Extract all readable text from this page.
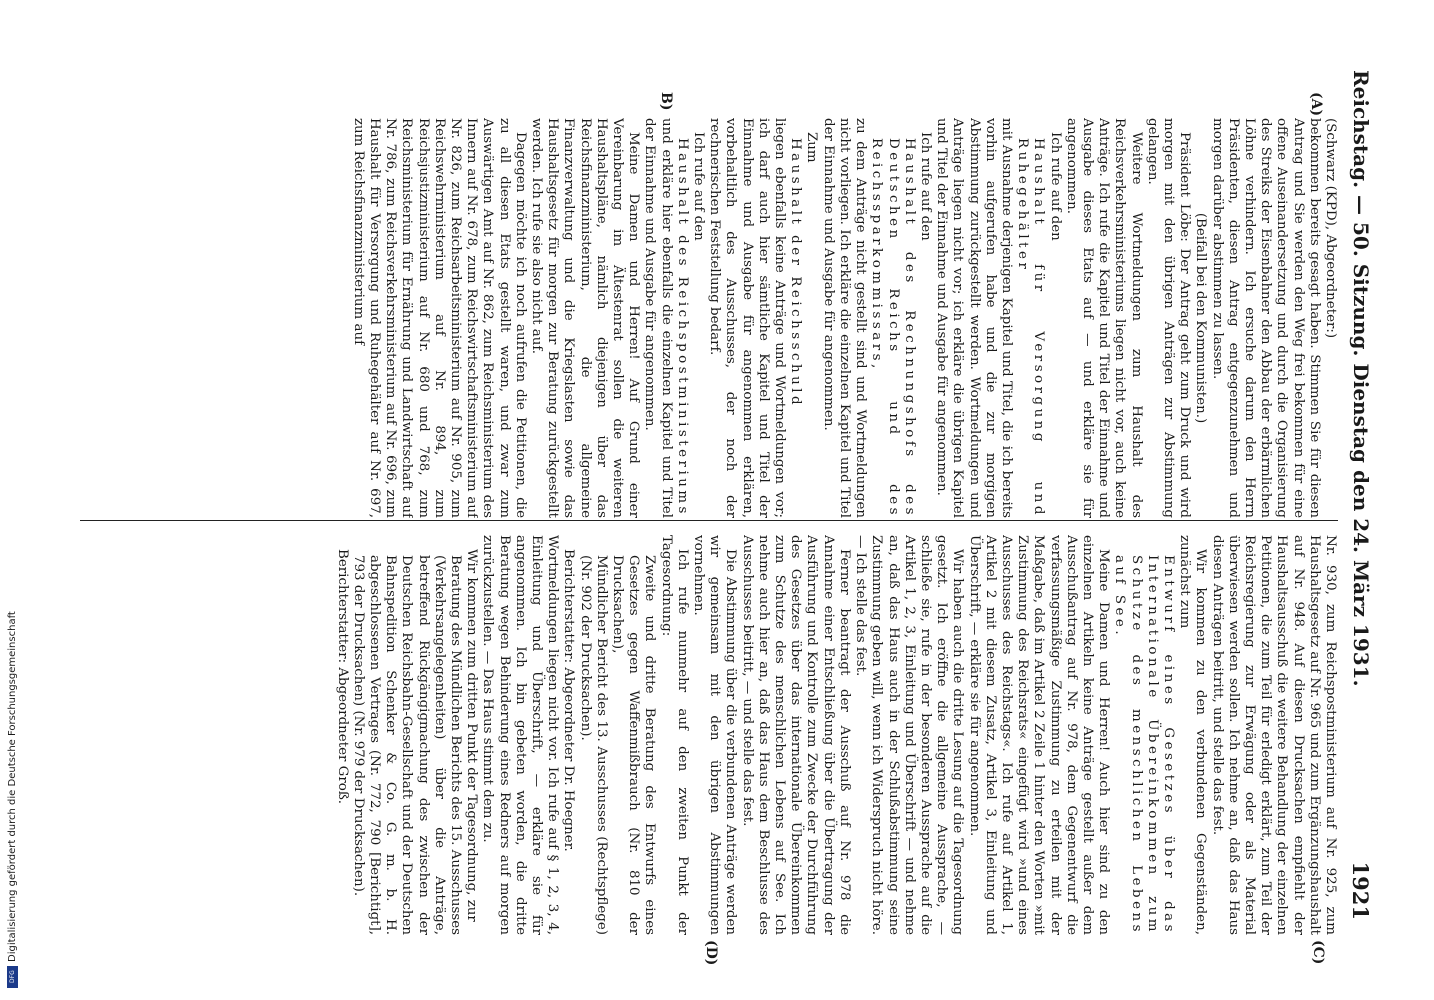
Reichstag. — 50. Sitzung. Dienstag den 24. März 1931.
1921
(A)
B)
(C)
(D)

(Schwarz (KPD), Abgeordneter:)

bekommen bereits gesagt haben. Stimmen Sie für diesen Antrag und Sie werden den Weg frei bekommen für eine offene Auseinandersetzung und durch die Organisierung des Streiks der Eisenbahner den Abbau der erbärmlichen Löhne verhindern. Ich ersuche darum den Herrn Präsidenten, diesen Antrag entgegenzunehmen und morgen darüber abstimmen zu lassen.

(Beifall bei den Kommunisten.)

Präsident Löbe: Der Antrag geht zum Druck und wird morgen mit den übrigen Anträgen zur Abstimmung gelangen.

Weitere Wortmeldungen zum Haushalt des Reichsverkehrsministeriums liegen nicht vor, auch keine Anträge. Ich rufe die Kapitel und Titel der Einnahme und Ausgabe dieses Etats auf — und erkläre sie für angenommen.

Ich rufe auf den

Haushalt für Versorgung und Ruhegehälter

mit Ausnahme derjenigen Kapitel und Titel, die ich bereits vorhin aufgerufen habe und die zur morgigen Abstimmung zurückgestellt werden. Wortmeldungen und Anträge liegen nicht vor; ich erkläre die übrigen Kapitel und Titel der Einnahme und Ausgabe für angenommen.

Ich rufe auf den

Haushalt des Rechnungshofs des Deutschen Reichs und des Reichssparkommissars,

zu dem Anträge nicht gestellt sind und Wortmeldungen nicht vorliegen. Ich erkläre die einzelnen Kapitel und Titel der Einnahme und Ausgabe für angenommen.

Zum

Haushalt der Reichsschuld

liegen ebenfalls keine Anträge und Wortmeldungen vor; ich darf auch hier sämtliche Kapitel und Titel der Einnahme und Ausgabe für angenommen erklären, vorbehaltlich des Ausschusses, der noch der rechnerischen Feststellung bedarf.

Ich rufe auf den

Haushalt des Reichspostministeriums

und erkläre hier ebenfalls die einzelnen Kapitel und Titel der Einnahme und Ausgabe für angenommen.

Meine Damen und Herren! Auf Grund einer Vereinbarung im Ältestenrat sollen die weiteren Haushaltspläne, nämlich diejenigen über das Reichsfinanzministerium, die allgemeine Finanzverwaltung und die Kriegslasten sowie das Haushaltsgesetz für morgen zur Beratung zurückgestellt werden. Ich rufe sie also nicht auf.

Dagegen möchte ich noch aufrufen die Petitionen, die zu all diesen Etats gestellt waren, und zwar zum Auswärtigen Amt auf Nr. 862, zum Reichsministerium des Innern auf Nr. 678, zum Reichswirtschaftsministerium auf Nr. 826, zum Reichsarbeitsministerium auf Nr. 905, zum Reichswehrministerium auf Nr. 894, zum Reichsjustizministerium auf Nr. 680 und 768, zum Reichsministerium für Ernährung und Landwirtschaft auf Nr. 786, zum Reichsverkehrsministerium auf Nr. 696, zum Haushalt für Versorgung und Ruhegehälter auf Nr. 697, zum Reichsfinanzministerium auf

Nr. 930, zum Reichspostministerium auf Nr. 925, zum Haushaltsgesetz auf Nr. 965 und zum Ergänzungshaushalt auf Nr. 948. Auf diesen Drucksachen empfiehlt der Haushaltsausschuß die weitere Behandlung der einzelnen Petitionen, die zum Teil für erledigt erklärt, zum Teil der Reichsregierung zur Erwägung oder als Material überwiesen werden sollen. Ich nehme an, daß das Haus diesen Anträgen beitritt, und stelle das fest.

Wir kommen zu den verbundenen Gegenständen, zunächst zum

Entwurf eines Gesetzes über das Internationale Übereinkommen zum Schutze des menschlichen Lebens auf See.

Meine Damen und Herren! Auch hier sind zu den einzelnen Artikeln keine Anträge gestellt außer dem Ausschußantrag auf Nr. 978, dem Gegenentwurf die verfassungsmäßige Zustimmung zu erteilen mit der Maßgabe, daß im Artikel 2 Zeile 1 hinter den Worten »mit Zustimmung des Reichsrats« eingefügt wird »und eines Ausschusses des Reichstags«. Ich rufe auf Artikel 1, Artikel 2 mit diesem Zusatz, Artikel 3, Einleitung und Überschrift, — erkläre sie für angenommen.

Wir haben auch die dritte Lesung auf die Tagesordnung gesetzt. Ich eröffne die allgemeine Aussprache, — schließe sie, rufe in der besonderen Aussprache auf die Artikel 1, 2, 3, Einleitung und Überschrift — und nehme an, daß das Haus auch in der Schlußabstimmung seine Zustimmung geben will, wenn ich Widerspruch nicht höre. — Ich stelle das fest.

Ferner beantragt der Ausschuß auf Nr. 978 die Annahme einer Entschließung über die Übertragung der Ausführung und Kontrolle zum Zwecke der Durchführung des Gesetzes über das internationale Übereinkommen zum Schutze des menschlichen Lebens auf See. Ich nehme auch hier an, daß das Haus dem Beschlusse des Ausschusses beitritt, — und stelle das fest.

Die Abstimmung über die verbundenen Anträge werden wir gemeinsam mit den übrigen Abstimmungen vornehmen.

Ich rufe nunmehr auf den zweiten Punkt der Tagesordnung:

Zweite und dritte Beratung des Entwurfs eines Gesetzes gegen Waffenmißbrauch (Nr. 810 der Drucksachen),

Mündlicher Bericht des 13. Ausschusses (Rechtspflege) (Nr. 902 der Drucksachen).

Berichterstatter: Abgeordneter Dr. Hoegner.

Wortmeldungen liegen nicht vor. Ich rufe auf § 1, 2, 3, 4, Einleitung und Überschrift, — erkläre sie für angenommen. Ich bin gebeten worden, die dritte Beratung wegen Behinderung eines Redners auf morgen zurückzustellen. — Das Haus stimmt dem zu.

Wir kommen zum dritten Punkt der Tagesordnung, zur

Beratung des Mündlichen Berichts des 15. Ausschusses (Verkehrsangelegenheiten) über die Anträge, betreffend Rückgängigmachung des zwischen der Deutschen Reichsbahn-Gesellschaft und der Deutschen Bahnspedition Schenker & Co. G. m. b. H. abgeschlossenen Vertrages (Nr. 772, 790 [Berichtigt], 793 der Drucksachen) (Nr. 979 der Drucksachen).

Berichterstatter: Abgeordneter Groß.

Digitalisierung gefördert durch die Deutsche Forschungsgemeinschaft
DFG
